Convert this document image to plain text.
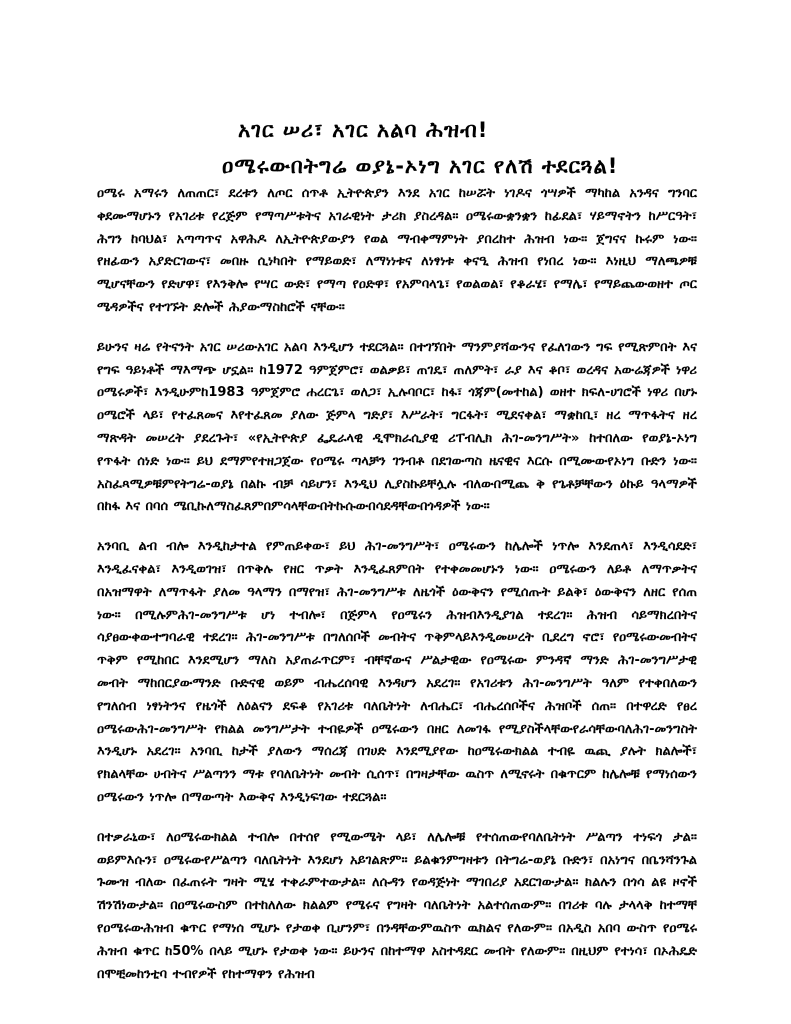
አገር ሠሪ፣ አገር አልባ ሕዝብ!
ዐሜሩውበትግሬ ወያኔ-ኦነግ አገር የለሽ ተደርጓል!

ዐሜሩ አማሩን ለጠጠር፣ ደረቱን ለጦር ሰጥቶ ኢትዮጵያን እንደ አገር ከሠሯት ነገዶና ጎሣዎች ማካከል አንዳና ግንባር ቀደሙማሆኑን የአገሪቱ የረጅም የማጣሥቱትና አገራዊነት ታሪክ ያስረዳል። ዐሜሩውቋንቋን ከፊደል፣ ሃይማኖትን ከሥርዓት፣ ሕግን ከባህል፣ አጣጣጥና አዋሕዶ ለኢትዮጵያውያን የወል ማብቀማምነት ያበረከተ ሕዝብ ነው። ጀግናና ኩሩም ነው። የዘፊውን አያድርገውና፣ መበዙ ሲነካበት የማይወድ፣ ለማነነቱና ለነፃነቱ ቀናዒ ሕዝብ የነበረ ነው። እነዚህ ማለጫዎቹ ሚሆናቸውን የድሆዋ፣ የእንቅሎ የሣር ውድ፣ የማጣ የዐድዋ፣ የአምባላጌ፣ የወልወል፣ የቆራሄ፣ የማሌ፣ የማይጨውወዘተ ጦር ሜዳዎችና የተገኙት ድሎች ሕያውማስከሮች ናቸው።

ይሁንና ዛሬ የትናንት አገር ሠሪውአገር አልባ እንዲሆን ተደርጓል። በተገኘበት ማንምያሻውንና የፈለገውን ግፍ የሚጽምበት እና የግፍ ዓይነቶች ማእማጭ ሆኗል። ከ1972 ዓምጀምሮ፣ ወልቃይ፣ ጠገዴ፣ ጠለምት፣ ራያ እና ቆቦ፣ ወረዳና አውሬጃዎች ነዋሪ ዐሜሩዎች፣ እንዲሁምከ1983 ዓምጀምሮ ሐረርጌ፣ ወለጋ፣ ኢሉባቦር፣ ከፋ፣ ጎጃም(መተከል) ወዘተ ክፍለ-ሀገሮች ነዋሪ በሆኑ ዐሜሮች ላይ፣ የተፈጸመና እየተፈጸመ ያለው ጅምላ ግድያ፣ እሥራት፣ ግርፋት፣ ሚደናቀል፣ ማቋከቢ፣ ዘረ ማጥፋትና ዘረ ማጽዳት መሠረት ያደረጉት፣ «የኢትዮጵያ ፌዴራላዊ ዲሞክራሲያዊ ሪፐብሊክ ሕገ-መንግሥት» ከተበለው የወያኔ-ኦነግ የጥፋት ሰነድ ነው። ይህ ደማምየተዘጋጀው የዐሜሩ ጣላቻን ገንብቶ በደገውጣስ ዜናዊና እርሱ በሚሙውየኦነግ ቡድን ነው። አስፈጻሚዎቹምየትግሬ-ወያኔ በልኩ ብቻ ሳይሆን፣ እንዲህ ሊያስኩይቸሏሉ ብለውበሚጨ ቅ የጌቶቻቸውን ዕኩይ ዓላማዎች በከፋ እና በባሰ ሜቢኩለማስፈጸምበምሳላቸውበትኩሱውበሳደዳቸውበጎዳዎች ነው።

አንባቢ ልብ ብሎ እንዲከታተል የምጠይቀው፣ ይህ ሕገ-መንግሥት፣ ዐሜሩውን ከሌሎች ነጥሎ እንደጠላ፣ እንዲሳደድ፣ እንዲፈናቀል፣ እንዲወገዝ፣ በጥቅሉ የዘር ጥቃት እንዲፈጸምበት የተቀመመሆኑን ነው። ዐሜሩውን ለይቶ ለማጥቃትና በአዝማዋት ለማጥፋት ያለመ ዓላማን በማየዝ፣ ሕገ-መንግሥቱ ለዜጎች ዕውቅናን የሚሰጡት ይልቅ፣ ዕውቅናን ለዘር የሰጠ ነው። በሚሉምሕገ-መንግሥቱ ሆነ ተብሎ፣ በጅምላ የዐሜሩን ሕዝብእንዲያገል ተደረገ። ሕዝብ ሳይማክረበትና ሳያፀውቀውተግባራዊ ተደረገ። ሕገ-መንግሥቱ በግለሰቦች መብትና ጥቅምላይእንዲመሠረት ቢደረግ ኖሮ፣ የዐሜሩውመብትና ጥቅም የሚከበር እንደሚሆን ማለስ አያጠራጥርም፣ ብቸኛውና ሥልታዊው የዐሜሩው ምንዳኛ ማንድ ሕገ-መንግሥታዊ መብት ማከበርያውማንድ ቡድናዊ ወይም ብሔረሰባዊ እንዳሆን አደረገ። የአገሪቱን ሕገ-መንግሥት ዓለም የተቀበለውን የግለሰብ ነፃነትንና የዜጎች ለዕልናን ደፍቆ የአገሪቱ ባለቤትነት ለብሔር፣ ብሔረሰቦችና ሕዝቦች ሰጠ። በተዋረድ የፀረ ዐሜሩውሕገ-መንግሥት የክልል መንግሥታት ተብዬዎች ዐሜሩውን በዘር ለመገፋ የሚያስችላቸውየራሳቸውባለሕገ-መንግስት እንዲሆኑ አደረገ። አንባቢ ከታች ያለውን ማሰረጃ በገሀድ እንደሚያየው ከዐሜሩውክልል ተብዬ ዉጪ ያሉት ክልሎች፣ የክልላቸው ሀብትና ሥልጣንን ማቱ የባለቤትነት መብት ሲሰጥ፣ በግዛታቸው ዉስጥ ለሚኖሩት በቁጥርም ከሌሎቹ የማነሰውን ዐሜሩውን ነጥሎ በማውጣት እውቅና እንዲነፍገው ተደርጓል።

በተቃራኒው፣ ለዐሜሩውክልል ተብሎ በተሰየ የሚውሜት ላይ፣ ለሌሎቹ የተሰጠውየባለቤትነት ሥልጣን ተነፍጎ ታል። ወይምእሱን፣ ዐሜሩውየሥልጣን ባለቤትነት እንደሆነ አይገልጽም። ይልቁንምግዛቱን በትግሬ-ወያኔ ቡድን፣ በአነግና በቤንሻንጉል ጉሙዝ ብለው በፈጠሩት ግዛት ሚሄ ተቀራምተውታል። ለሱዳን የወዳጅነት ማገበሪያ አደርገውታል። ክልሉን በጎሳ ልዩ ዞኖች ሽንሽነውታል። በዐሜሩውስም በተከለለው ክልልም የሜሩና የግዛት ባለቤትነት አልተሰጠውም። በገሪቱ ባሉ ታላላቅ ከተማቸ የዐሜሩውሕዝብ ቁጥር የማነሰ ሚሆኑ የታወቀ ቢሆንም፣ በንዳቸውምዉስጥ ዉክልና የለውም። በአዲስ አበባ ውስጥ የዐሜሩ ሕዝብ ቁጥር ከ50% በላይ ሚሆኑ የታወቀ ነው። ይሁንና በከተማዋ አስተዳደር መብት የለውም። በዚህም የተነሳ፣ በኦሕዴድ በሞቺመከንቲባ ተብየዎች የከተማዋን የሕዝብ
